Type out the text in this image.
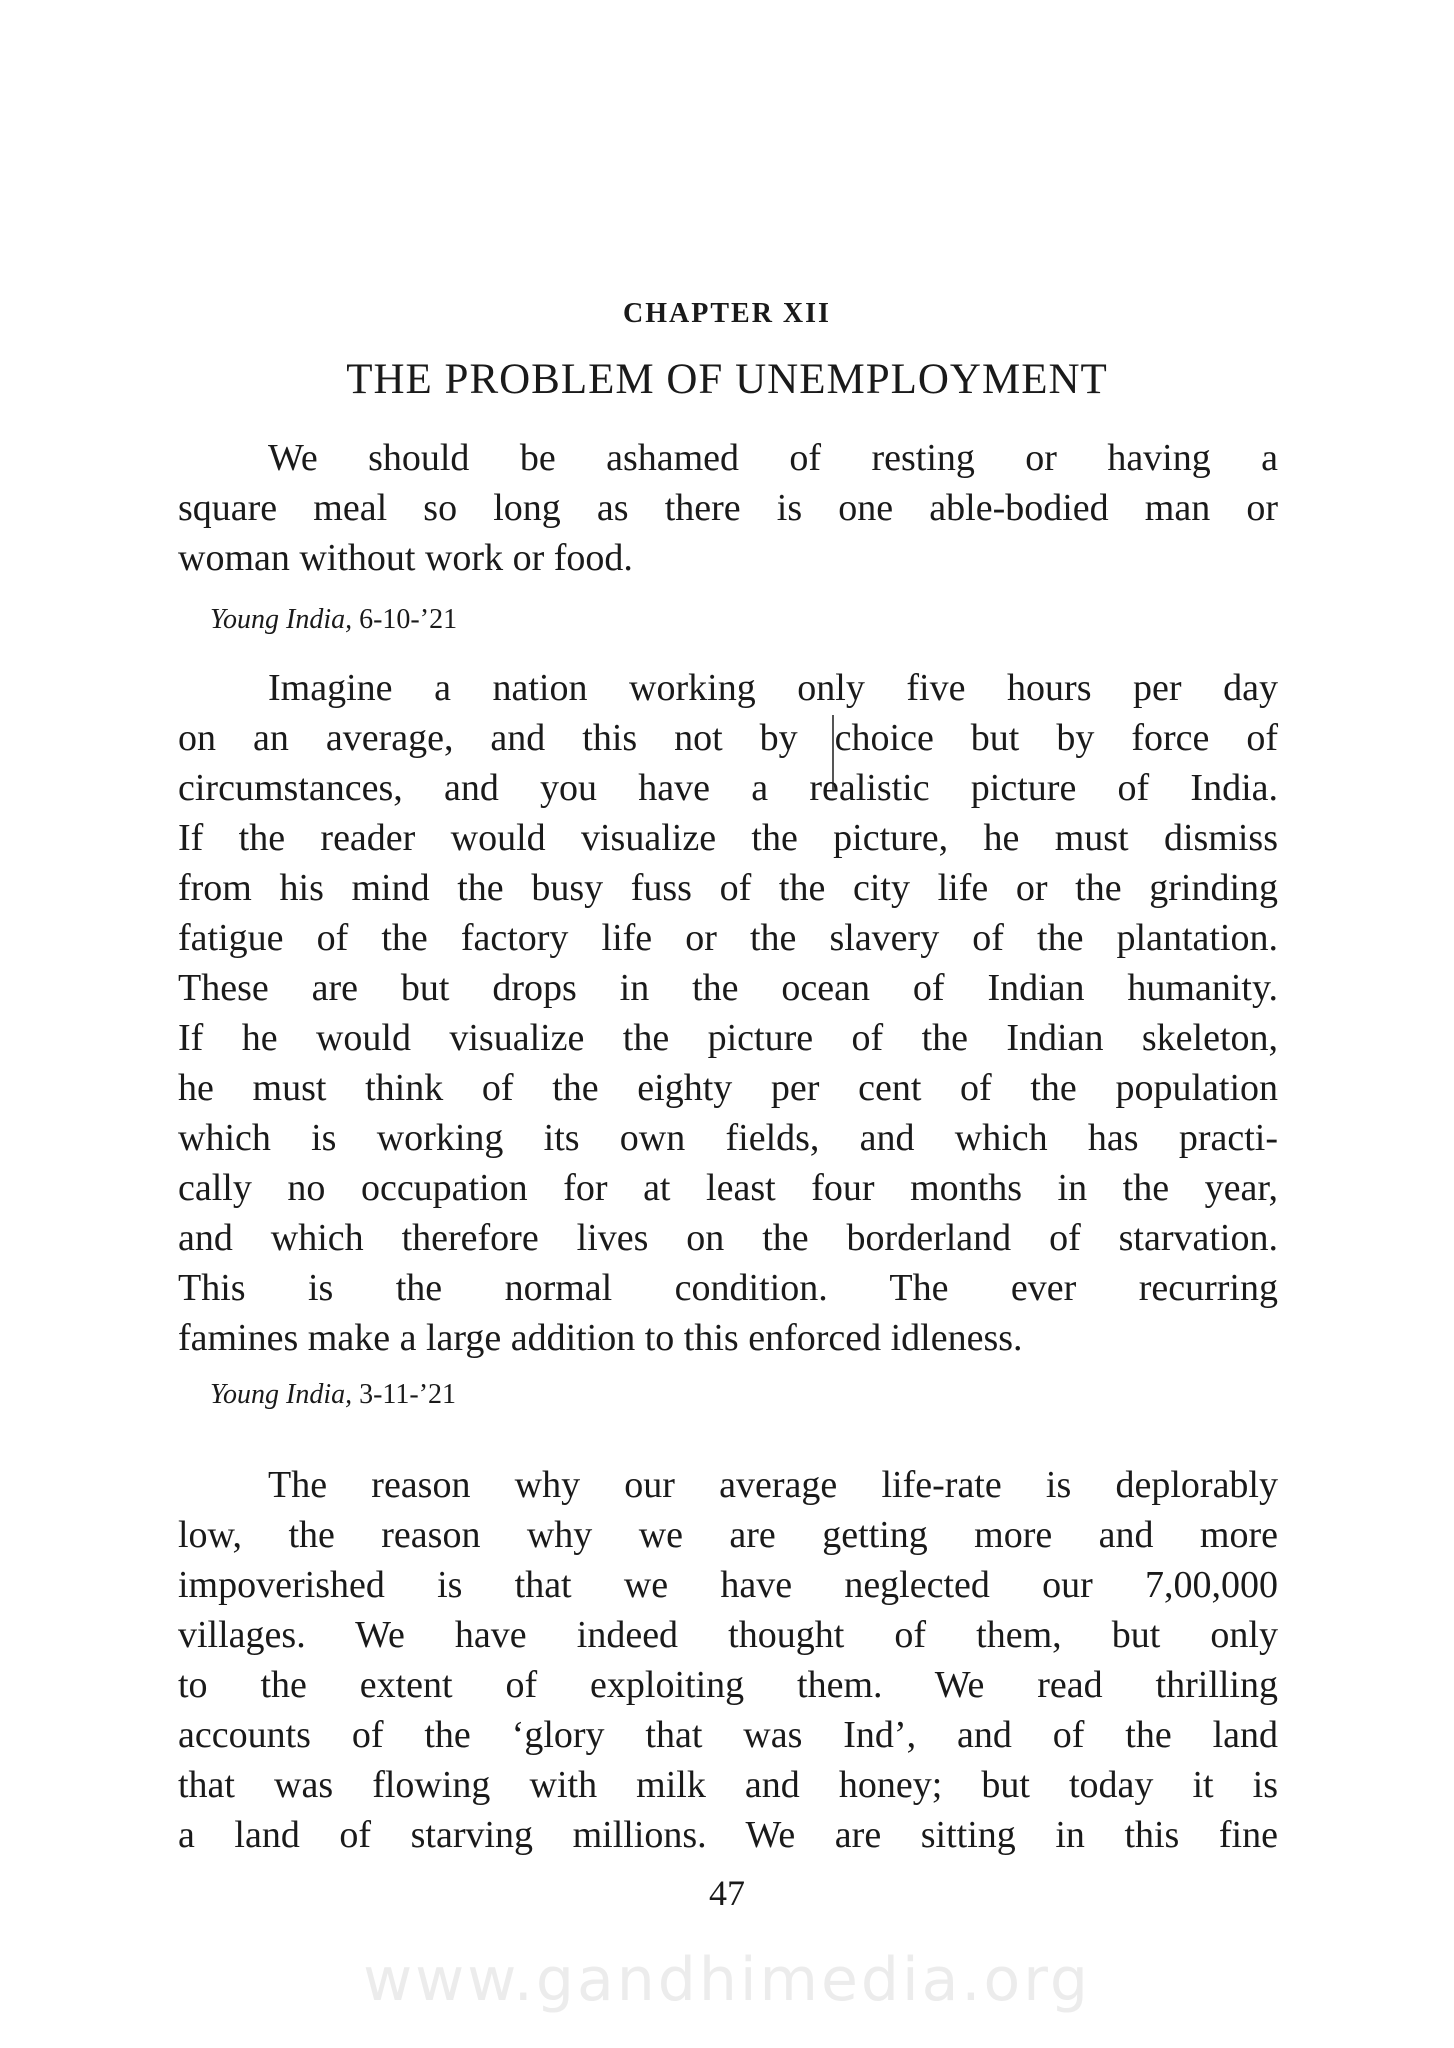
CHAPTER XII
THE PROBLEM OF UNEMPLOYMENT
We should be ashamed of resting or having a
square meal so long as there is one able-bodied man or
woman without work or food.
Young India, 6-10-’21
Imagine a nation working only five hours per day
on an average, and this not by choice but by force of
circumstances, and you have a realistic picture of India.
If the reader would visualize the picture, he must dismiss
from his mind the busy fuss of the city life or the grinding
fatigue of the factory life or the slavery of the plantation.
These are but drops in the ocean of Indian humanity.
If he would visualize the picture of the Indian skeleton,
he must think of the eighty per cent of the population
which is working its own fields, and which has practi-
cally no occupation for at least four months in the year,
and which therefore lives on the borderland of starvation.
This is the normal condition. The ever recurring
famines make a large addition to this enforced idleness.
Young India, 3-11-’21
The reason why our average life-rate is deplorably
low, the reason why we are getting more and more
impoverished is that we have neglected our 7,00,000
villages. We have indeed thought of them, but only
to the extent of exploiting them. We read thrilling
accounts of the ‘glory that was Ind’, and of the land
that was flowing with milk and honey; but today it is
a land of starving millions. We are sitting in this fine
47
www.gandhimedia.org
